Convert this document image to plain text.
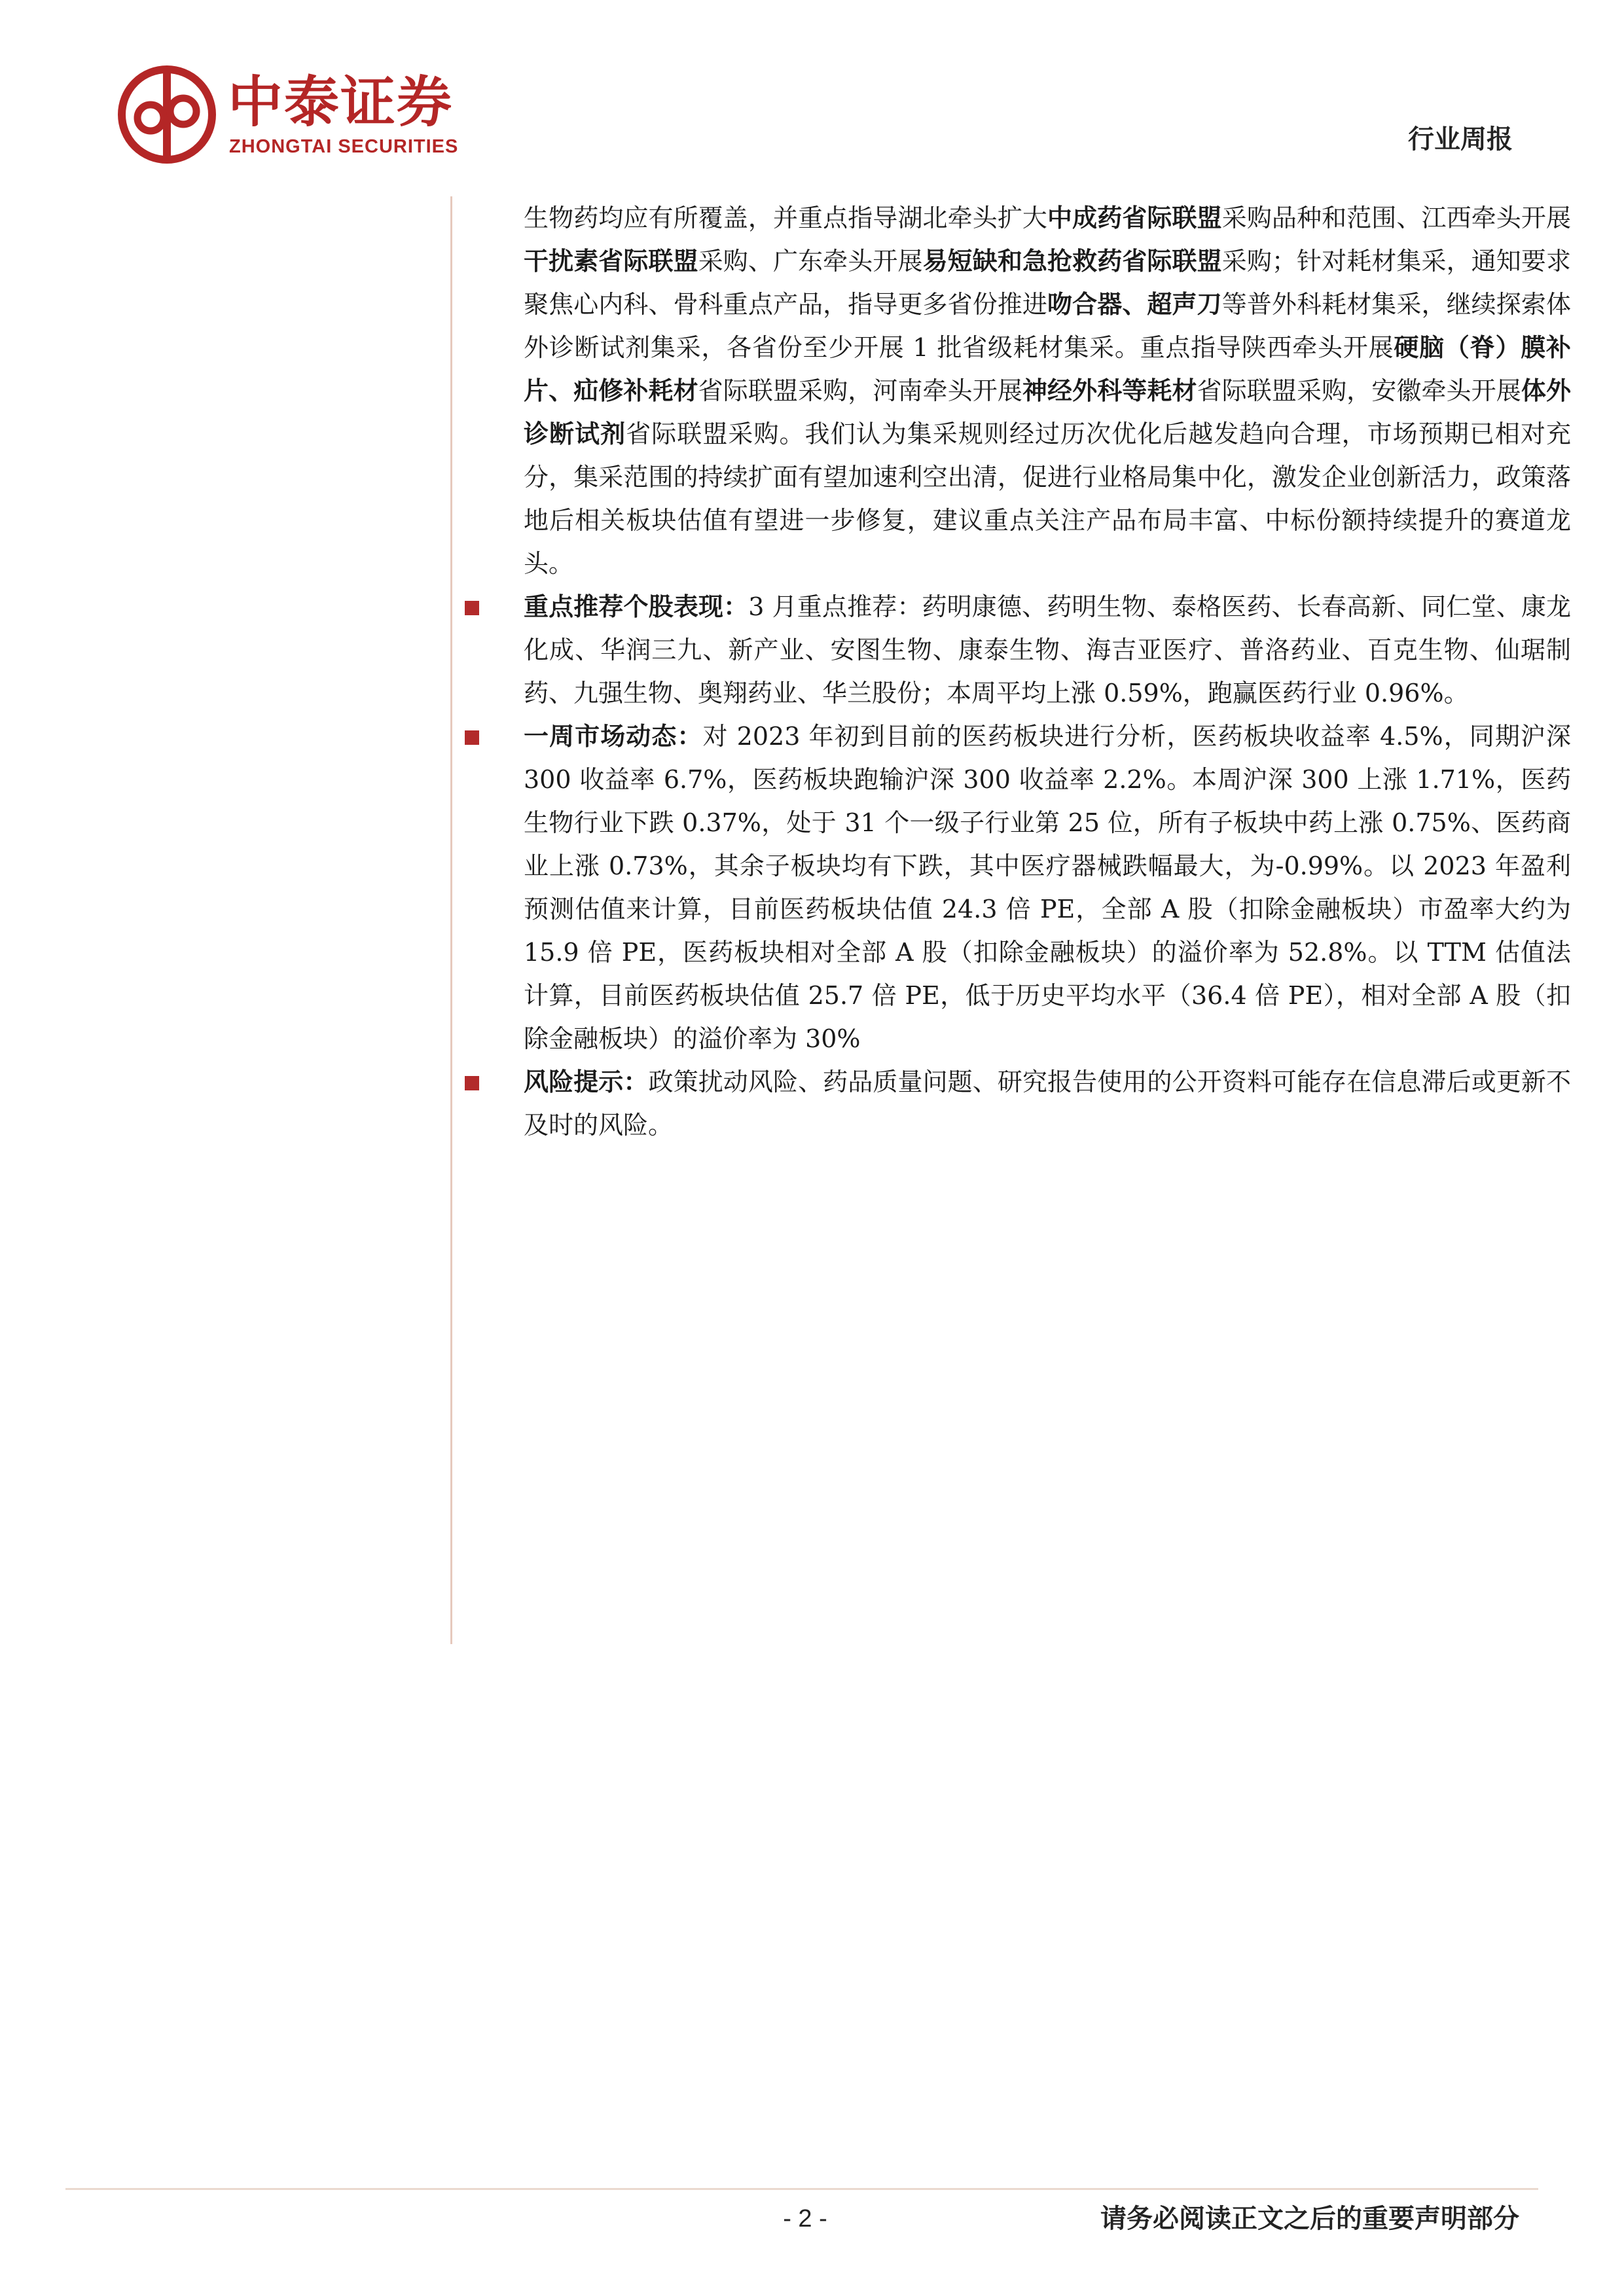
中泰证券
ZHONGTAI SECURITIES	行业周报

生物药均应有所覆盖，并重点指导湖北牵头扩大中成药省际联盟采购品种和范围、江西牵头开展干扰素省际联盟采购、广东牵头开展易短缺和急抢救药省际联盟采购；针对耗材集采，通知要求聚焦心内科、骨科重点产品，指导更多省份推进吻合器、超声刀等普外科耗材集采，继续探索体外诊断试剂集采，各省份至少开展 1 批省级耗材集采。重点指导陕西牵头开展硬脑（脊）膜补片、疝修补耗材省际联盟采购，河南牵头开展神经外科等耗材省际联盟采购，安徽牵头开展体外诊断试剂省际联盟采购。我们认为集采规则经过历次优化后越发趋向合理，市场预期已相对充分，集采范围的持续扩面有望加速利空出清，促进行业格局集中化，激发企业创新活力，政策落地后相关板块估值有望进一步修复，建议重点关注产品布局丰富、中标份额持续提升的赛道龙头。

重点推荐个股表现：3 月重点推荐：药明康德、药明生物、泰格医药、长春高新、同仁堂、康龙化成、华润三九、新产业、安图生物、康泰生物、海吉亚医疗、普洛药业、百克生物、仙琚制药、九强生物、奥翔药业、华兰股份；本周平均上涨 0.59%，跑赢医药行业 0.96%。

一周市场动态：对 2023 年初到目前的医药板块进行分析，医药板块收益率 4.5%，同期沪深 300 收益率 6.7%，医药板块跑输沪深 300 收益率 2.2%。本周沪深 300 上涨 1.71%，医药生物行业下跌 0.37%，处于 31 个一级子行业第 25 位，所有子板块中药上涨 0.75%、医药商业上涨 0.73%，其余子板块均有下跌，其中医疗器械跌幅最大，为-0.99%。以 2023 年盈利预测估值来计算，目前医药板块估值 24.3 倍 PE，全部 A 股（扣除金融板块）市盈率大约为 15.9 倍 PE，医药板块相对全部 A 股（扣除金融板块）的溢价率为 52.8%。以 TTM 估值法计算，目前医药板块估值 25.7 倍 PE，低于历史平均水平（36.4 倍 PE），相对全部 A 股（扣除金融板块）的溢价率为 30%

风险提示：政策扰动风险、药品质量问题、研究报告使用的公开资料可能存在信息滞后或更新不及时的风险。

- 2 -	请务必阅读正文之后的重要声明部分
